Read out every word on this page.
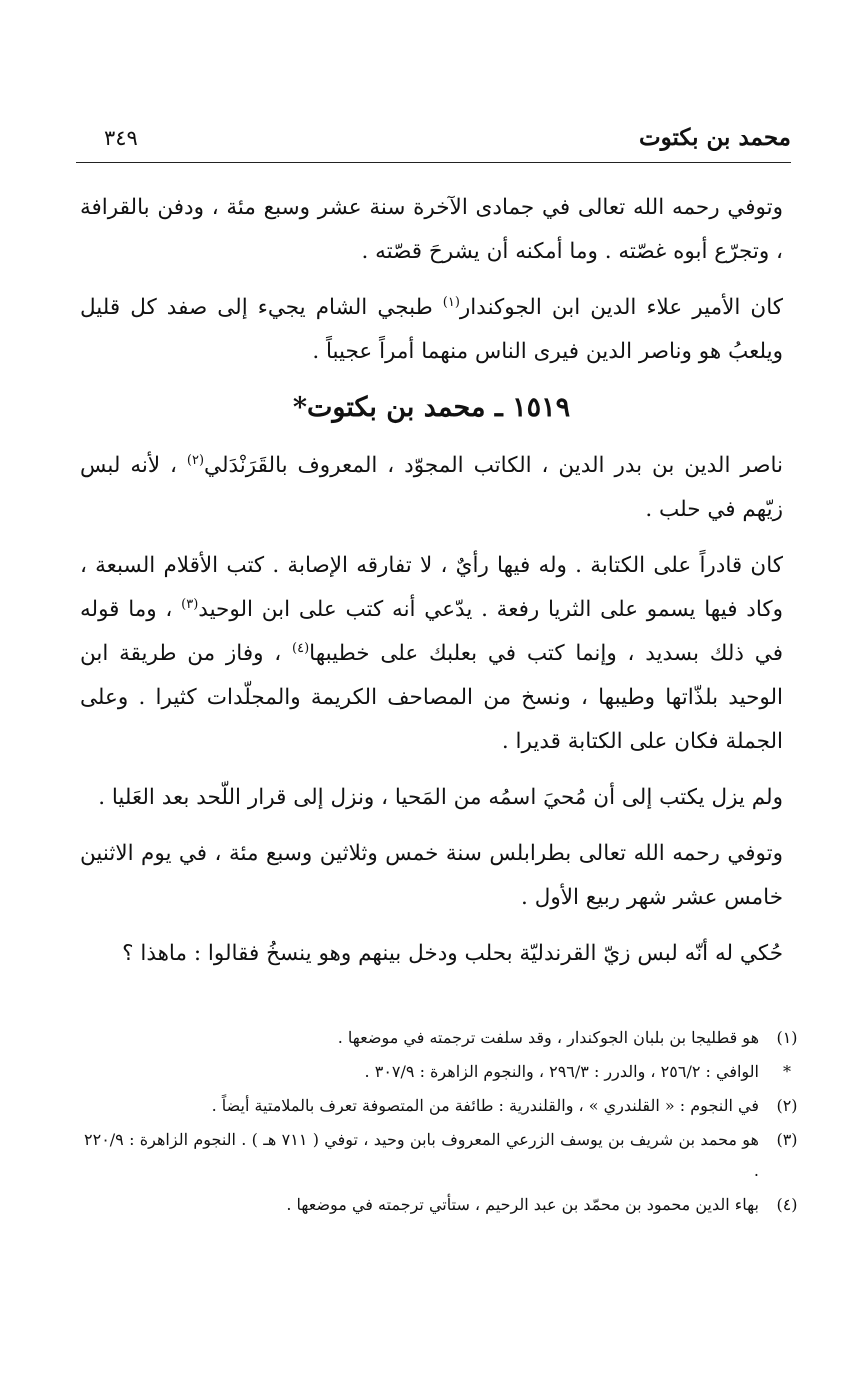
محمد بن بكتوت
٣٤٩

وتوفي رحمه الله تعالى في جمادى الآخرة سنة عشر وسبع مئة ، ودفن بالقرافة ، وتجرّع أبوه غصّته . وما أمكنه أن يشرحَ قصّته .

كان الأمير علاء الدين ابن الجوكندار$^{(١)}$ طبجي الشام يجيء إلى صفد كل قليل ويلعبُ هو وناصر الدين فيرى الناس منهما أمراً عجيباً .

١٥١٩ ـ محمد بن بكتوت*

ناصر الدين بن بدر الدين ، الكاتب المجوّد ، المعروف بالقَرَنْدَلي$^{(٢)}$ ، لأنه لبس زيّهم في حلب .

كان قادراً على الكتابة . وله فيها رأيٌ ، لا تفارقه الإصابة . كتب الأقلام السبعة ، وكاد فيها يسمو على الثريا رفعة . يدّعي أنه كتب على ابن الوحيد$^{(٣)}$ ، وما قوله في ذلك بسديد ، وإنما كتب في بعلبك على خطيبها$^{(٤)}$ ، وفاز من طريقة ابن الوحيد بلذّاتها وطيبها ، ونسخ من المصاحف الكريمة والمجلّدات كثيرا . وعلى الجملة فكان على الكتابة قديرا .

ولم يزل يكتب إلى أن مُحيَ اسمُه من المَحيا ، ونزل إلى قرار اللّحد بعد العَليا .

وتوفي رحمه الله تعالى بطرابلس سنة خمس وثلاثين وسبع مئة ، في يوم الاثنين خامس عشر شهر ربيع الأول .

حُكي له أنّه لبس زيّ القرندليّة بحلب ودخل بينهم وهو ينسخُ فقالوا : ماهذا ؟

(١)
هو قطليجا بن بلبان الجوكندار ، وقد سلفت ترجمته في موضعها .
*
الوافي : ٢٥٦/٢ ، والدرر : ٢٩٦/٣ ، والنجوم الزاهرة : ٣٠٧/٩ .
(٢)
في النجوم : « القلندري » ، والقلندرية : طائفة من المتصوفة تعرف بالملامتية أيضاً .
(٣)
هو محمد بن شريف بن يوسف الزرعي المعروف بابن وحيد ، توفي ( ٧١١ هـ ) . النجوم الزاهرة : ٢٢٠/٩ .
(٤)
بهاء الدين محمود بن محمّد بن عبد الرحيم ، ستأتي ترجمته في موضعها .
